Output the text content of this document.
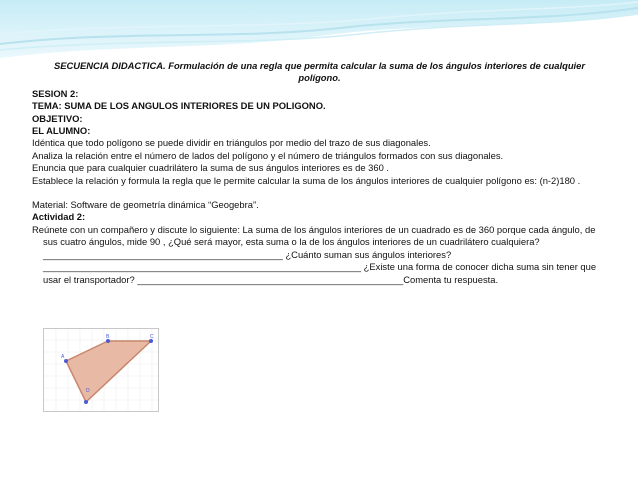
SECUENCIA DIDACTICA. Formulación de una regla que permita calcular la suma de los ángulos interiores de cualquier polígono.

SESION 2:

TEMA: SUMA DE LOS ANGULOS INTERIORES DE UN POLIGONO.

OBJETIVO:

EL ALUMNO:

Idéntica que todo polígono se puede dividir en triángulos por medio del trazo de sus diagonales.

Analiza la relación entre el número de lados del polígono y el número de triángulos formados con sus diagonales.

Enuncia que para cualquier cuadrilátero la suma de sus ángulos interiores es de 360 .

Establece la relación y formula la regla que le permite calcular la suma de los ángulos interiores de cualquier polígono es: (n-2)180 .

Material: Software de geometría dinámica “Geogebra”.

Actividad 2:

Reúnete con un compañero y discute lo siguiente: La suma de los ángulos interiores de un cuadrado es de 360 porque cada ángulo, de sus cuatro ángulos, mide 90 , ¿Qué será mayor, esta suma o la de los ángulos interiores de un cuadrilátero cualquiera?______________________________________________ ¿Cuánto suman sus ángulos interiores? _____________________________________________________________ ¿Existe una forma de conocer dicha suma sin tener que usar el transportador? ___________________________________________________Comenta tu respuesta.

A
B	C
D
